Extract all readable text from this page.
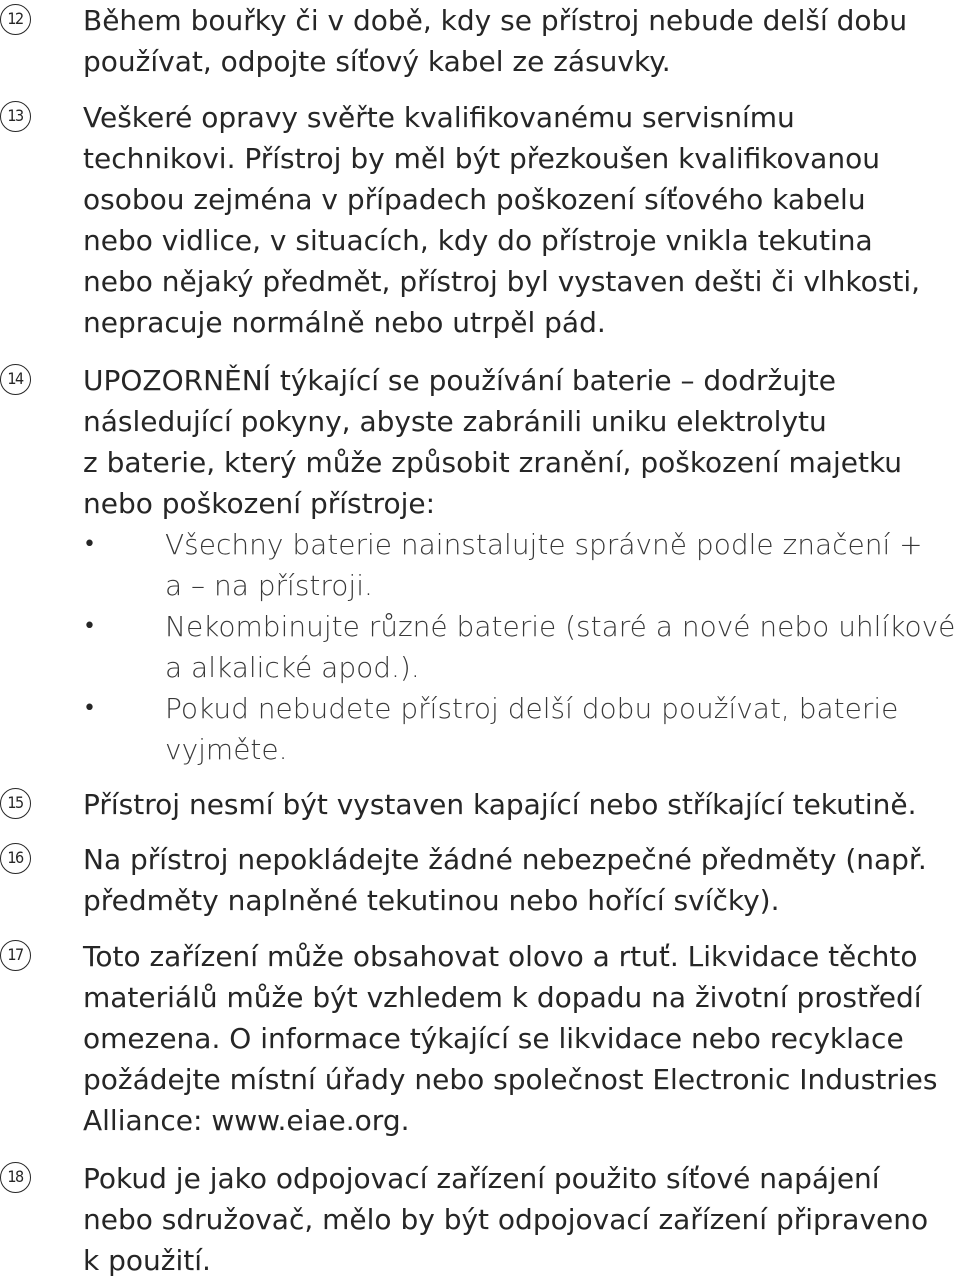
12 Během bouřky či v době, kdy se přístroj nebude delší dobu

používat, odpojte síťový kabel ze zásuvky.

13 Veškeré opravy svěřte kvalifikovanému servisnímu

technikovi. Přístroj by měl být přezkoušen kvalifikovanou

osobou zejména v případech poškození síťového kabelu

nebo vidlice, v situacích, kdy do přístroje vnikla tekutina

nebo nějaký předmět, přístroj byl vystaven dešti či vlhkosti,

nepracuje normálně nebo utrpěl pád.

14 UPOZORNĚNÍ týkající se používání baterie – dodržujte

následující pokyny, abyste zabránili uniku elektrolytu

z baterie, který může způsobit zranění, poškození majetku

nebo poškození přístroje:

• Všechny baterie nainstalujte správně podle značení +

a – na přístroji.

• Nekombinujte různé baterie (staré a nové nebo uhlíkové

a alkalické apod.).

• Pokud nebudete přístroj delší dobu používat, baterie

vyjměte.

15 Přístroj nesmí být vystaven kapající nebo stříkající tekutině.

16 Na přístroj nepokládejte žádné nebezpečné předměty (např.

předměty naplněné tekutinou nebo hořící svíčky).

17 Toto zařízení může obsahovat olovo a rtuť. Likvidace těchto

materiálů může být vzhledem k dopadu na životní prostředí

omezena. O informace týkající se likvidace nebo recyklace

požádejte místní úřady nebo společnost Electronic Industries

Alliance: www.eiae.org.

18 Pokud je jako odpojovací zařízení použito síťové napájení

nebo sdružovač, mělo by být odpojovací zařízení připraveno

k použití.
